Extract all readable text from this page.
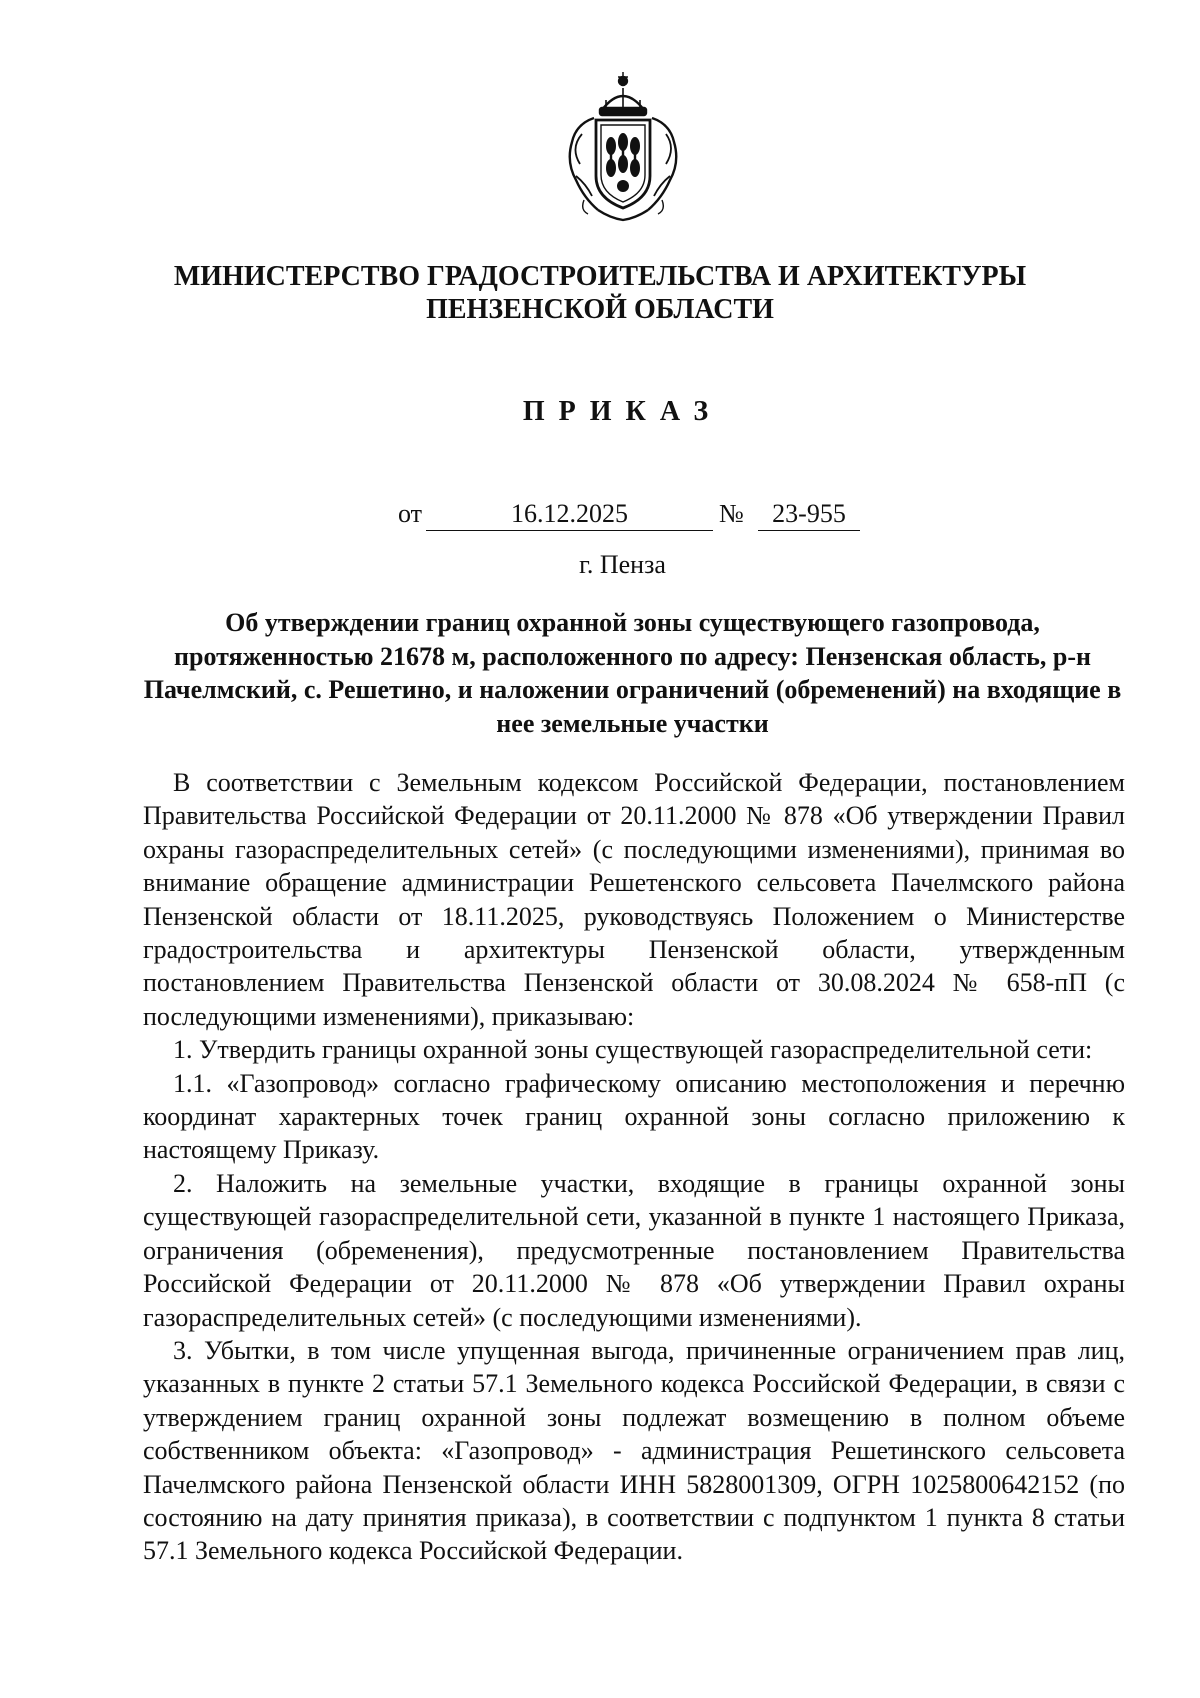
МИНИСТЕРСТВО ГРАДОСТРОИТЕЛЬСТВА И АРХИТЕКТУРЫ
ПЕНЗЕНСКОЙ ОБЛАСТИ
ПРИКАЗ
от	16.12.2025	№	23-955
г. Пенза
Об утверждении границ охранной зоны существующего газопровода, протяженностью 21678 м, расположенного по адресу: Пензенская область, р-н Пачелмский, с. Решетино, и наложении ограничений (обременений) на входящие в нее земельные участки

В соответствии с Земельным кодексом Российской Федерации, постановлением Правительства Российской Федерации от 20.11.2000 № 878 «Об утверждении Правил охраны газораспределительных сетей» (с последующими изменениями), принимая во внимание обращение администрации Решетенского сельсовета Пачелмского района Пензенской области от 18.11.2025, руководствуясь Положением о Министерстве градостроительства и архитектуры Пензенской области, утвержденным постановлением Правительства Пензенской области от 30.08.2024 № 658-пП (с последующими изменениями), приказываю:

1. Утвердить границы охранной зоны существующей газораспределительной сети:

1.1. «Газопровод» согласно графическому описанию местоположения и перечню координат характерных точек границ охранной зоны согласно приложению к настоящему Приказу.

2. Наложить на земельные участки, входящие в границы охранной зоны существующей газораспределительной сети, указанной в пункте 1 настоящего Приказа, ограничения (обременения), предусмотренные постановлением Правительства Российской Федерации от 20.11.2000 № 878 «Об утверждении Правил охраны газораспределительных сетей» (с последующими изменениями).

3. Убытки, в том числе упущенная выгода, причиненные ограничением прав лиц, указанных в пункте 2 статьи 57.1 Земельного кодекса Российской Федерации, в связи с утверждением границ охранной зоны подлежат возмещению в полном объеме собственником объекта: «Газопровод» - администрация Решетинского сельсовета Пачелмского района Пензенской области ИНН 5828001309, ОГРН 1025800642152 (по состоянию на дату принятия приказа), в соответствии с подпунктом 1 пункта 8 статьи 57.1 Земельного кодекса Российской Федерации.
